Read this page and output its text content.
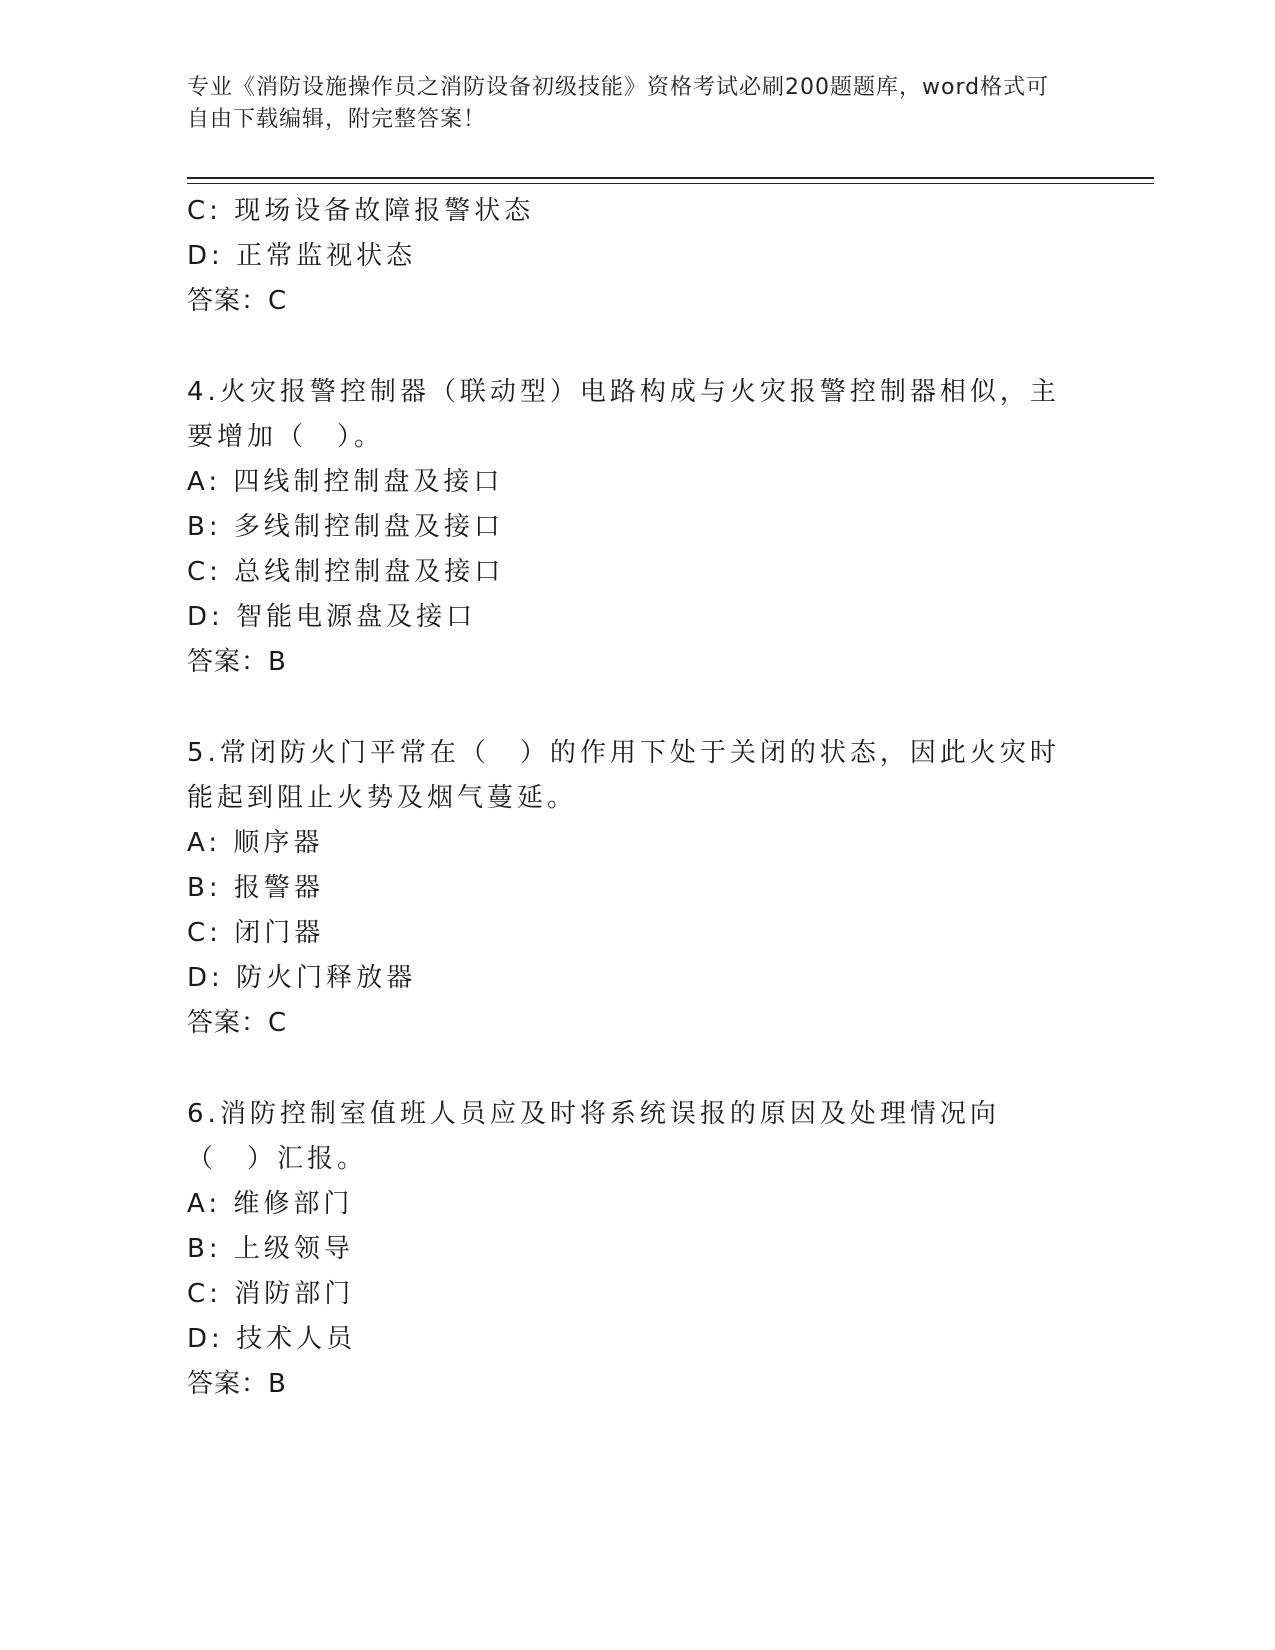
专业《消防设施操作员之消防设备初级技能》资格考试必刷200题题库，word格式可自由下载编辑，附完整答案！
C: 现场设备故障报警状态
D: 正常监视状态
答案：C
4.火灾报警控制器（联动型）电路构成与火灾报警控制器相似，主要增加（　）。
A: 四线制控制盘及接口
B: 多线制控制盘及接口
C: 总线制控制盘及接口
D: 智能电源盘及接口
答案：B
5.常闭防火门平常在（　）的作用下处于关闭的状态，因此火灾时能起到阻止火势及烟气蔓延。
A: 顺序器
B: 报警器
C: 闭门器
D: 防火门释放器
答案：C
6.消防控制室值班人员应及时将系统误报的原因及处理情况向（　）汇报。
A: 维修部门
B: 上级领导
C: 消防部门
D: 技术人员
答案：B
